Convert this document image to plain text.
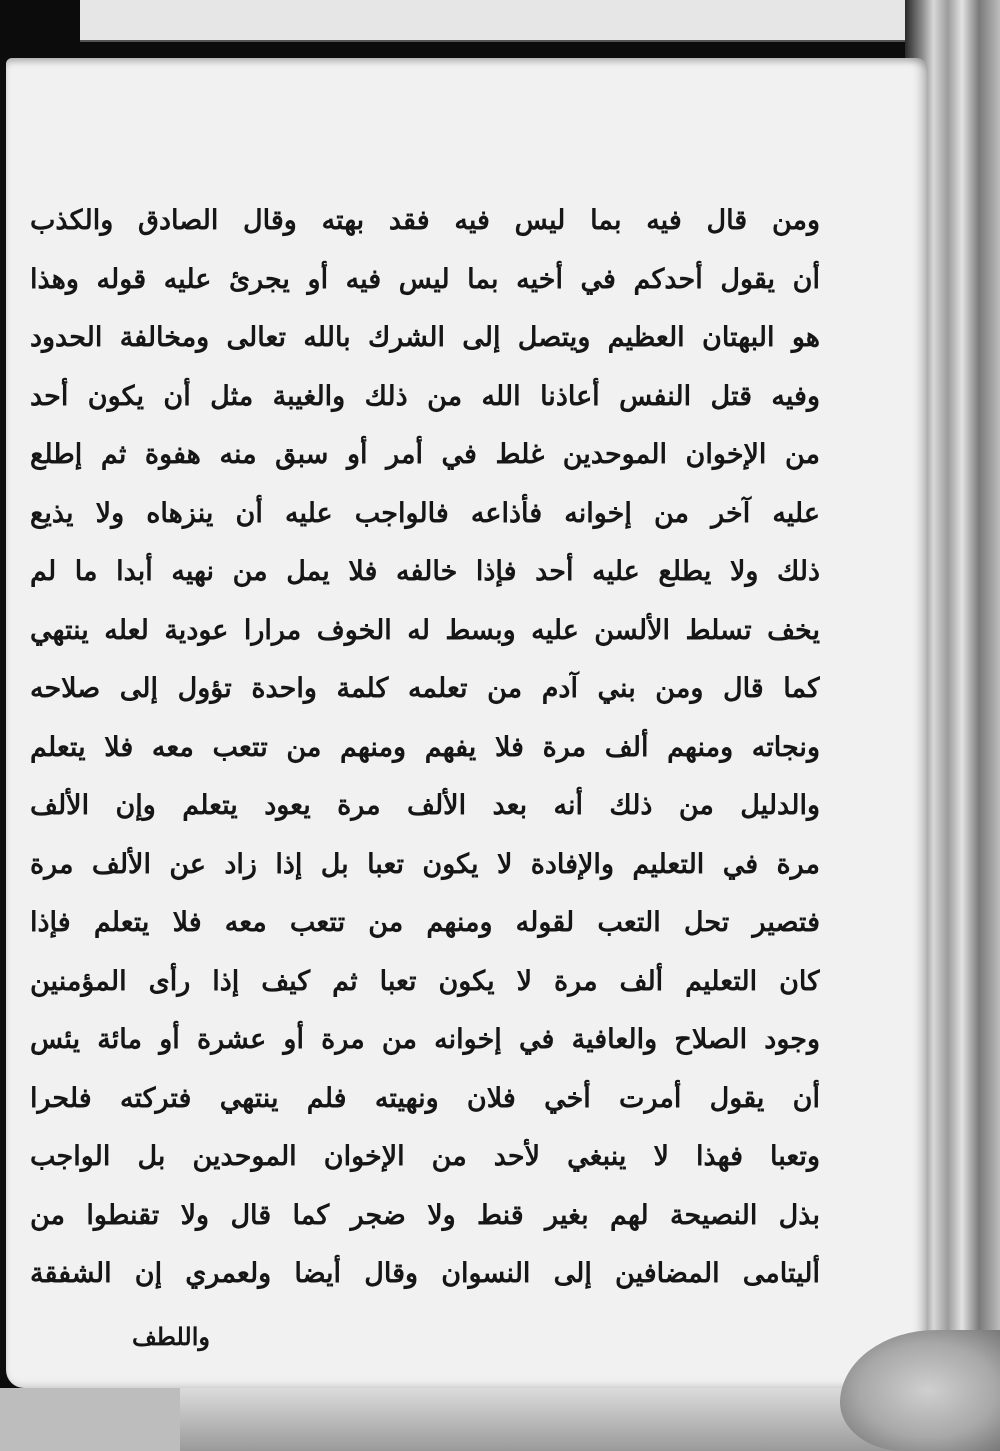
ومن قال فيه بما ليس فيه فقد بهته وقال الصادق والكذب
أن يقول أحدكم في أخيه بما ليس فيه أو يجرئ عليه قوله وهذا
هو البهتان العظيم ويتصل إلى الشرك بالله تعالى ومخالفة الحدود
وفيه قتل النفس أعاذنا الله من ذلك والغيبة مثل أن يكون أحد
من الإخوان الموحدين غلط في أمر أو سبق منه هفوة ثم إطلع
عليه آخر من إخوانه فأذاعه فالواجب عليه أن ينزهاه ولا يذيع
ذلك ولا يطلع عليه أحد فإذا خالفه فلا يمل من نهيه أبدا ما لم
يخف تسلط الألسن عليه وبسط له الخوف مرارا عودية لعله ينتهي
كما قال ومن بني آدم من تعلمه كلمة واحدة تؤول إلى صلاحه
ونجاته ومنهم ألف مرة فلا يفهم ومنهم من تتعب معه فلا يتعلم
والدليل من ذلك أنه بعد الألف مرة يعود يتعلم وإن الألف
مرة في التعليم والإفادة لا يكون تعبا بل إذا زاد عن الألف مرة
فتصير تحل التعب لقوله ومنهم من تتعب معه فلا يتعلم فإذا
كان التعليم ألف مرة لا يكون تعبا ثم كيف إذا رأى المؤمنين
وجود الصلاح والعافية في إخوانه من مرة أو عشرة أو مائة يئس
أن يقول أمرت أخي فلان ونهيته فلم ينتهي فتركته فلحرا
وتعبا فهذا لا ينبغي لأحد من الإخوان الموحدين بل الواجب
بذل النصيحة لهم بغير قنط ولا ضجر كما قال ولا تقنطوا من
أليتامى المضافين إلى النسوان وقال أيضا ولعمري إن الشفقة
واللطف
